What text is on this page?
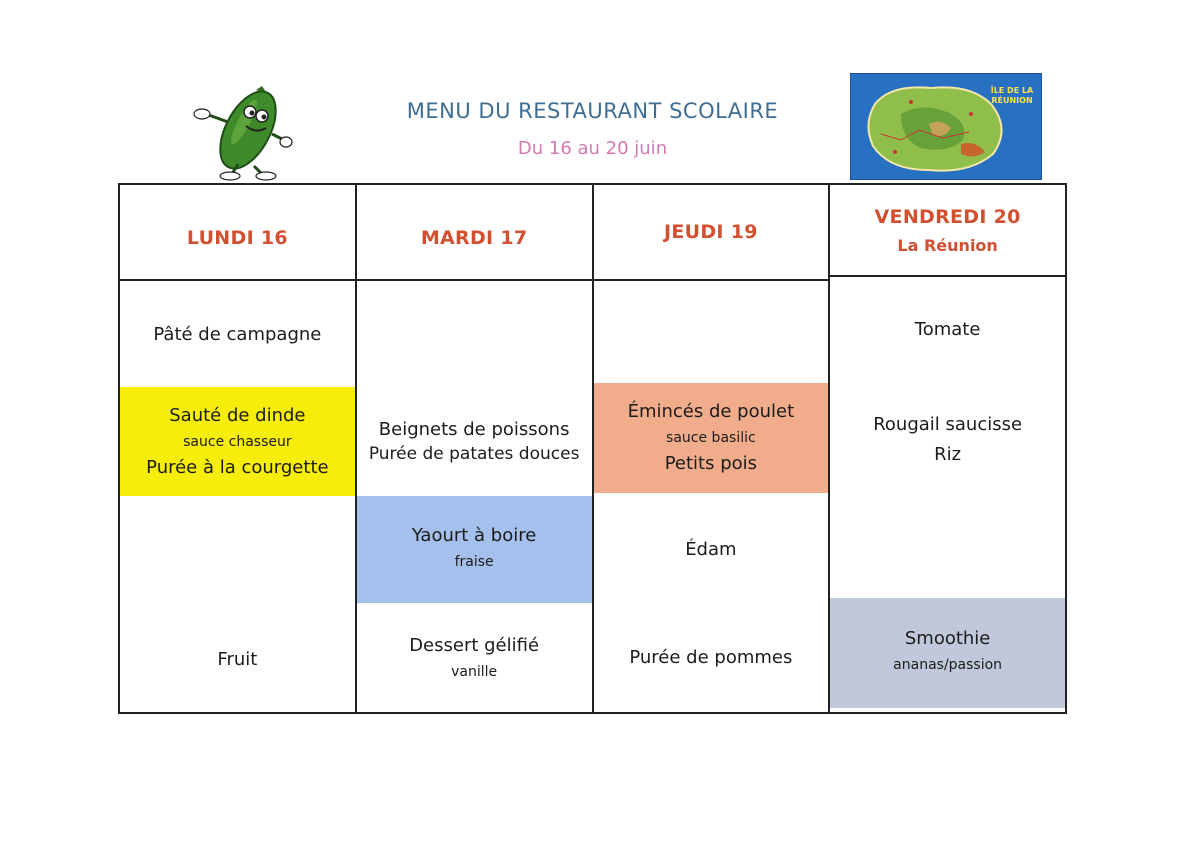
MENU DU RESTAURANT SCOLAIRE
Du 16 au 20 juin
ÎLE DE LA RÉUNION
LUNDI 16
Pâté de campagne
Sauté de dinde
sauce chasseur
Purée à la courgette
Fruit
MARDI 17
Beignets de poissons
Purée de patates douces
Yaourt à boire
fraise
Dessert gélifié
vanille
JEUDI 19
Émincés de poulet
sauce basilic
Petits pois
Édam
Purée de pommes
VENDREDI 20
La Réunion
Tomate
Rougail saucisse
Riz
Smoothie
ananas/passion
